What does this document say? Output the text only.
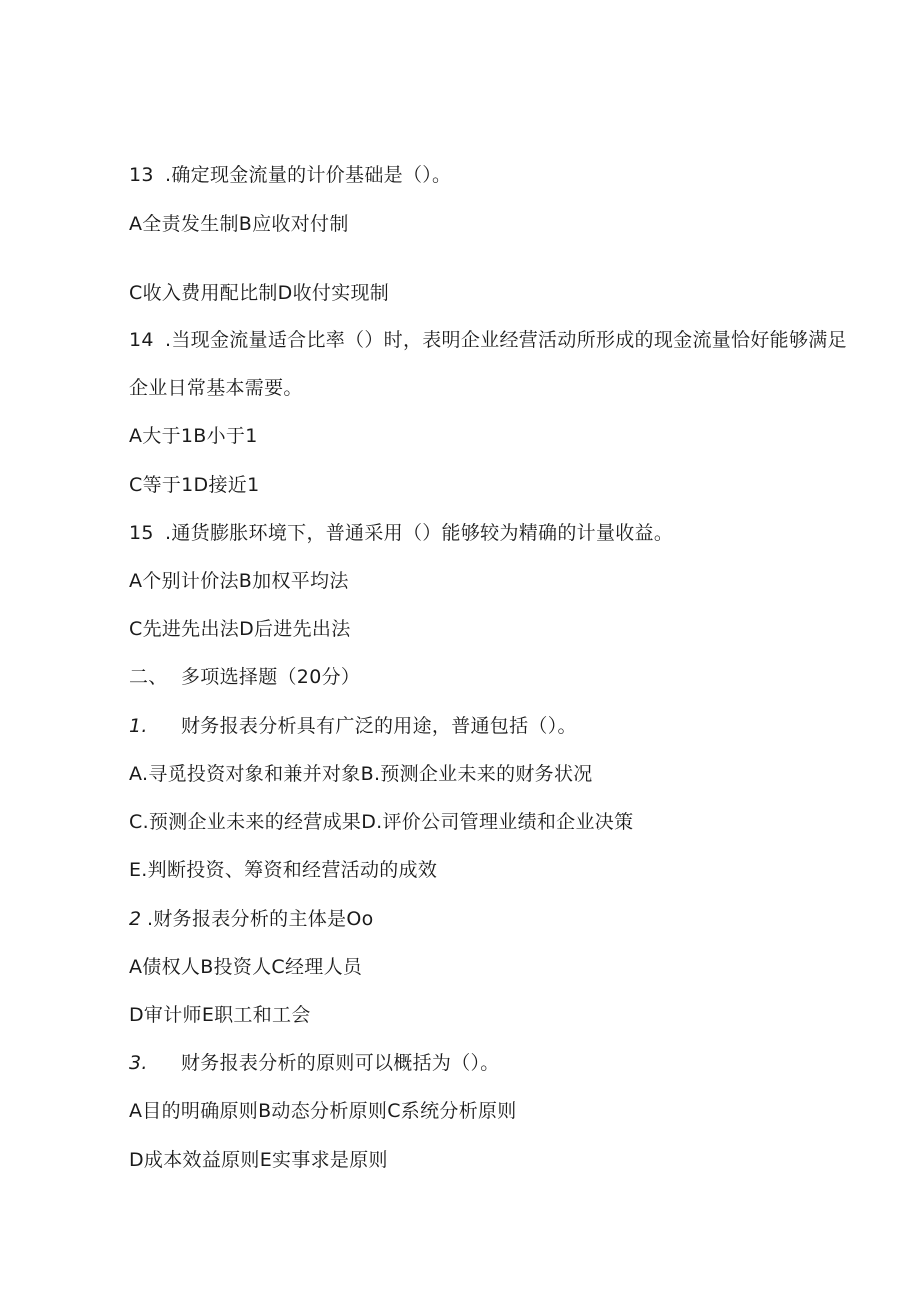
13 .确定现金流量的计价基础是（）。
A全责发生制B应收对付制
C收入费用配比制D收付实现制
14 .当现金流量适合比率（）时，表明企业经营活动所形成的现金流量恰好能够满足
企业日常基本需要。
A大于1B小于1
C等于1D接近1
15 .通货膨胀环境下，普通采用（）能够较为精确的计量收益。
A个别计价法B加权平均法
C先进先出法D后进先出法
二、 多项选择题（20分）
1. 财务报表分析具有广泛的用途，普通包括（）。
A.寻觅投资对象和兼并对象B.预测企业未来的财务状况
C.预测企业未来的经营成果D.评价公司管理业绩和企业决策
E.判断投资、筹资和经营活动的成效
2 .财务报表分析的主体是Oo
A债权人B投资人C经理人员
D审计师E职工和工会
3. 财务报表分析的原则可以概括为（）。
A目的明确原则B动态分析原则C系统分析原则
D成本效益原则E实事求是原则
